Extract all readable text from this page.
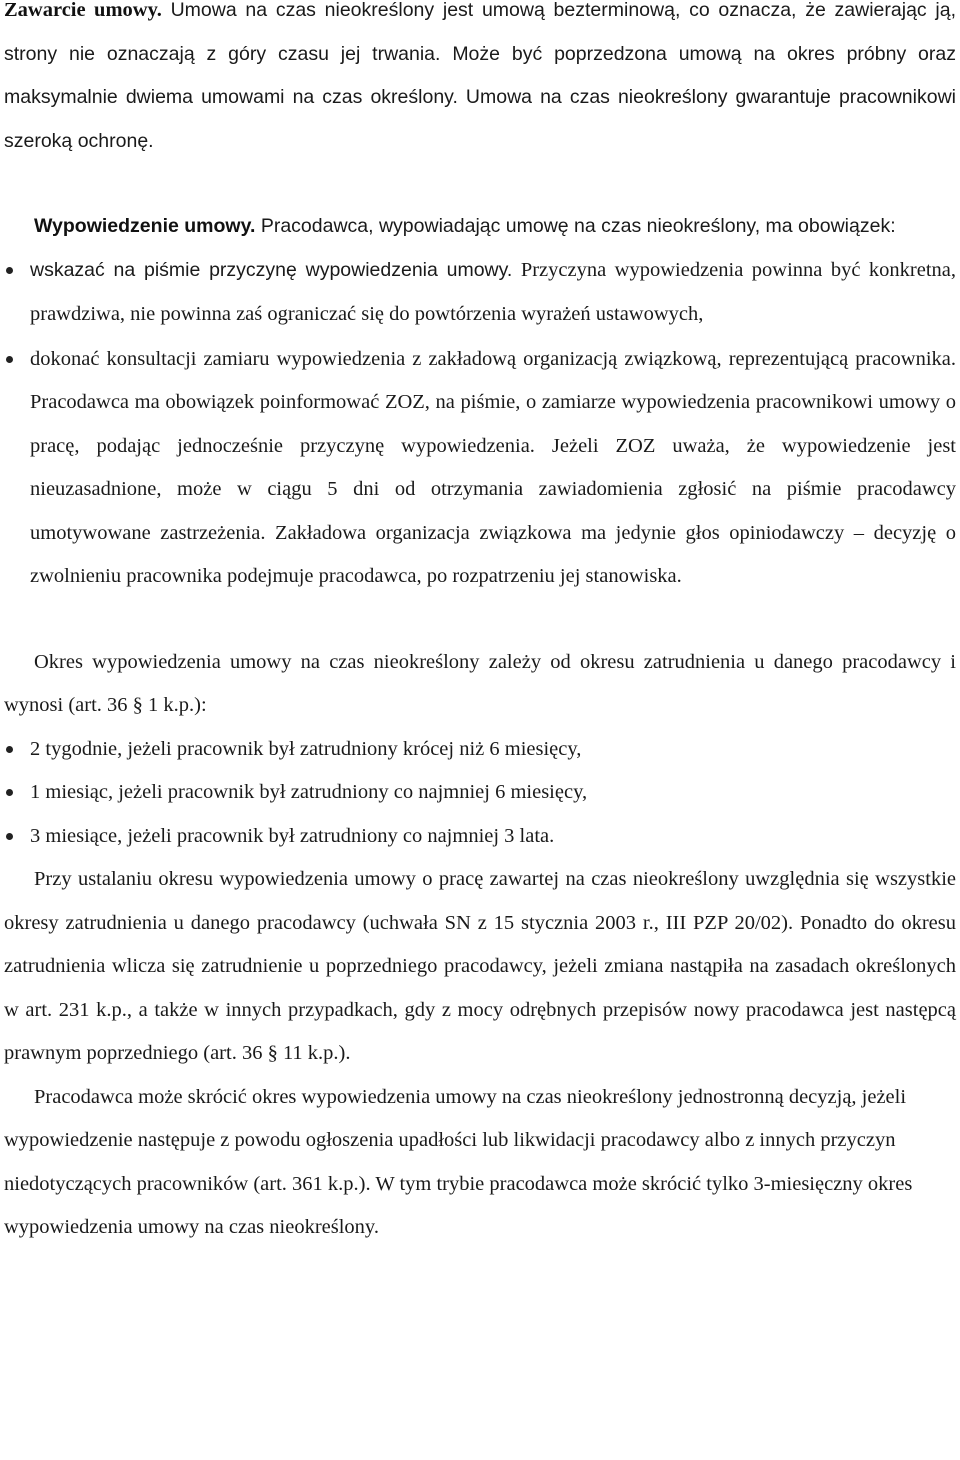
Zawarcie umowy. Umowa na czas nieokreślony jest umową bezterminową, co oznacza, że zawierając ją, strony nie oznaczają z góry czasu jej trwania. Może być poprzedzona umową na okres próbny oraz maksymalnie dwiema umowami na czas określony. Umowa na czas nieokreślony gwarantuje pracownikowi szeroką ochronę.

Wypowiedzenie umowy. Pracodawca, wypowiadając umowę na czas nieokreślony, ma obowiązek:

wskazać na piśmie przyczynę wypowiedzenia umowy. Przyczyna wypowiedzenia powinna być konkretna, prawdziwa, nie powinna zaś ograniczać się do powtórzenia wyrażeń ustawowych,
dokonać konsultacji zamiaru wypowiedzenia z zakładową organizacją związkową, reprezentującą pracownika. Pracodawca ma obowiązek poinformować ZOZ, na piśmie, o zamiarze wypowiedzenia pracownikowi umowy o pracę, podając jednocześnie przyczynę wypowiedzenia. Jeżeli ZOZ uważa, że wypowiedzenie jest nieuzasadnione, może w ciągu 5 dni od otrzymania zawiadomienia zgłosić na piśmie pracodawcy umotywowane zastrzeżenia. Zakładowa organizacja związkowa ma jedynie głos opiniodawczy – decyzję o zwolnieniu pracownika podejmuje pracodawca, po rozpatrzeniu jej stanowiska.

Okres wypowiedzenia umowy na czas nieokreślony zależy od okresu zatrudnienia u danego pracodawcy i wynosi (art. 36 § 1 k.p.):

2 tygodnie, jeżeli pracownik był zatrudniony krócej niż 6 miesięcy,
1 miesiąc, jeżeli pracownik był zatrudniony co najmniej 6 miesięcy,
3 miesiące, jeżeli pracownik był zatrudniony co najmniej 3 lata.

Przy ustalaniu okresu wypowiedzenia umowy o pracę zawartej na czas nieokreślony uwzględnia się wszystkie okresy zatrudnienia u danego pracodawcy (uchwała SN z 15 stycznia 2003 r., III PZP 20/02). Ponadto do okresu zatrudnienia wlicza się zatrudnienie u poprzedniego pracodawcy, jeżeli zmiana nastąpiła na zasadach określonych w art. 231 k.p., a także w innych przypadkach, gdy z mocy odrębnych przepisów nowy pracodawca jest następcą prawnym poprzedniego (art. 36 § 11 k.p.).

Pracodawca może skrócić okres wypowiedzenia umowy na czas nieokreślony jednostronną decyzją, jeżeli wypowiedzenie następuje z powodu ogłoszenia upadłości lub likwidacji pracodawcy albo z innych przyczyn niedotyczących pracowników (art. 361 k.p.). W tym trybie pracodawca może skrócić tylko 3-miesięczny okres wypowiedzenia umowy na czas nieokreślony.
